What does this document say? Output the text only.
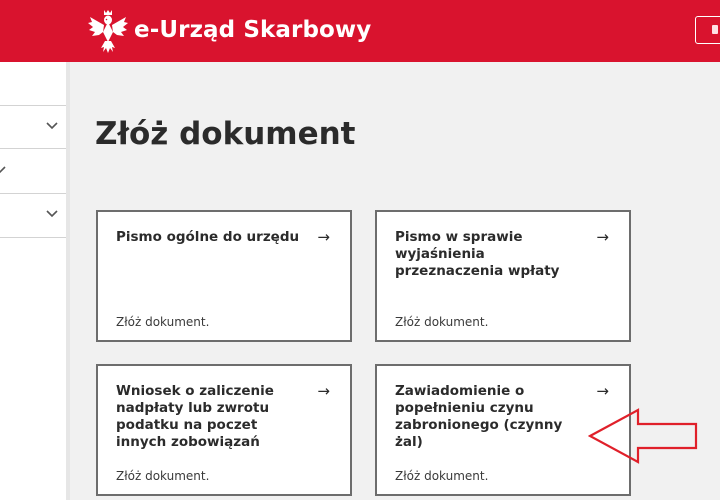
e-Urząd Skarbowy
Złóż dokument
Pismo ogólne do urzędu	→
Złóż dokument.
Pismo w sprawie wyjaśnienia przeznaczenia wpłaty
→
Złóż dokument.
Wniosek o zaliczenie nadpłaty lub zwrotu podatku na poczet innych zobowiązań
→
Złóż dokument.
Zawiadomienie o popełnieniu czynu zabronionego (czynny żal)
→
Złóż dokument.
